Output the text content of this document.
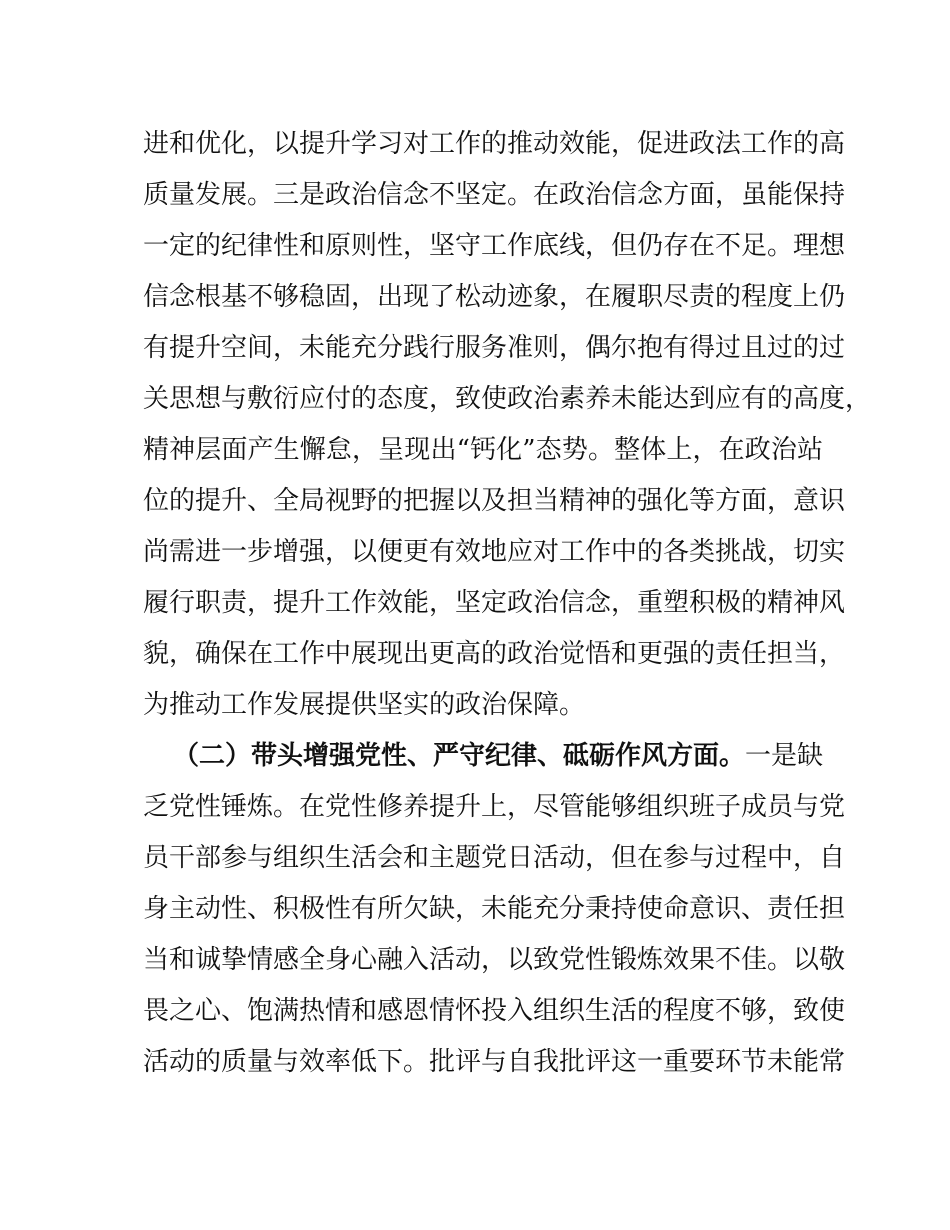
进和优化，以提升学习对工作的推动效能，促进政法工作的高
质量发展。三是政治信念不坚定。在政治信念方面，虽能保持
一定的纪律性和原则性，坚守工作底线，但仍存在不足。理想
信念根基不够稳固，出现了松动迹象，在履职尽责的程度上仍
有提升空间，未能充分践行服务准则，偶尔抱有得过且过的过
关思想与敷衍应付的态度，致使政治素养未能达到应有的高度，
精神层面产生懈怠，呈现出“钙化”态势。整体上，在政治站
位的提升、全局视野的把握以及担当精神的强化等方面，意识
尚需进一步增强，以便更有效地应对工作中的各类挑战，切实
履行职责，提升工作效能，坚定政治信念，重塑积极的精神风
貌，确保在工作中展现出更高的政治觉悟和更强的责任担当，
为推动工作发展提供坚实的政治保障。
（二）带头增强党性、严守纪律、砥砺作风方面。一是缺
乏党性锤炼。在党性修养提升上，尽管能够组织班子成员与党
员干部参与组织生活会和主题党日活动，但在参与过程中，自
身主动性、积极性有所欠缺，未能充分秉持使命意识、责任担
当和诚挚情感全身心融入活动，以致党性锻炼效果不佳。以敬
畏之心、饱满热情和感恩情怀投入组织生活的程度不够，致使
活动的质量与效率低下。批评与自我批评这一重要环节未能常
